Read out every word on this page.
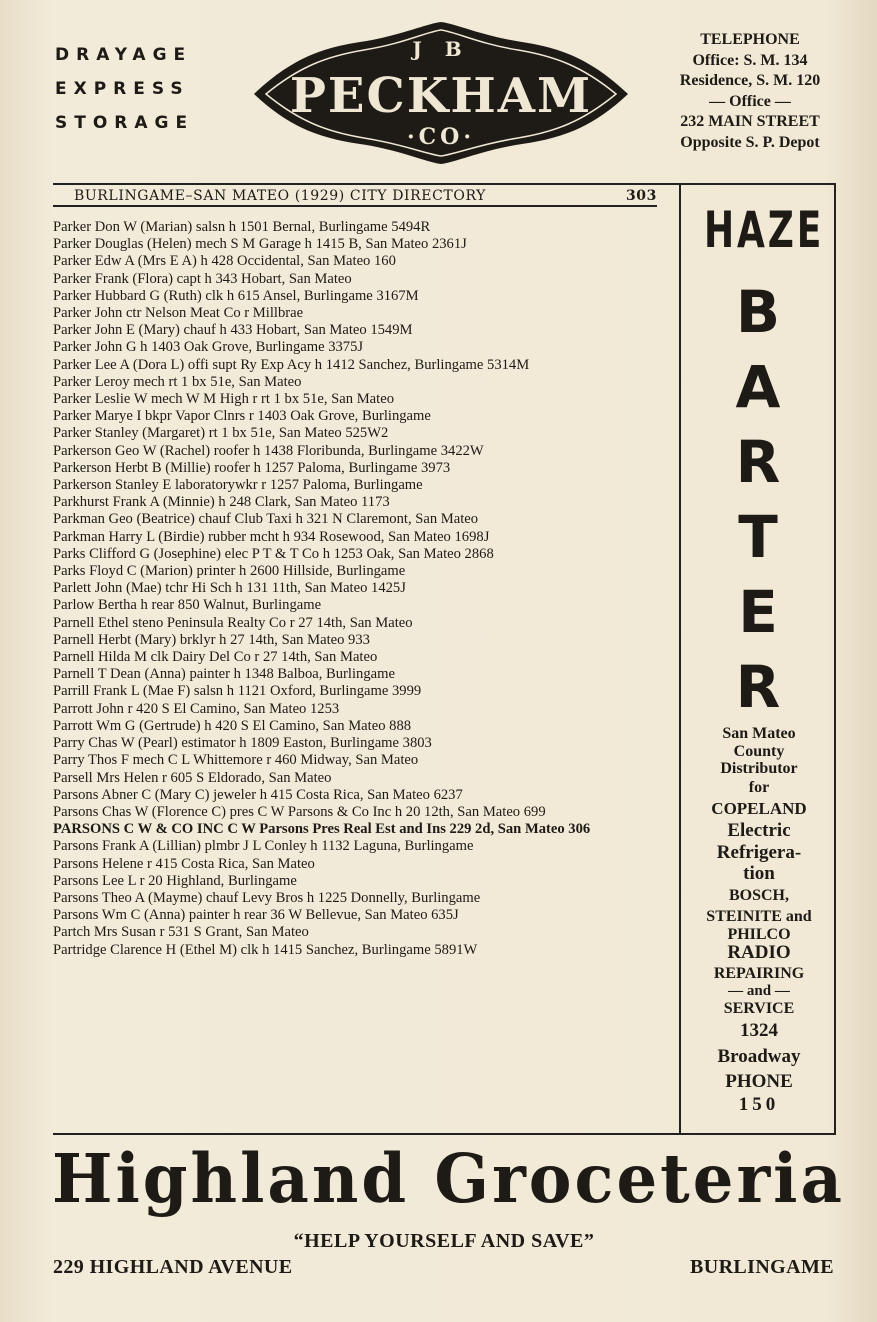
DRAYAGE
EXPRESS
STORAGE
J B
PECKHAM
·CO·
TELEPHONE
Office: S. M. 134
Residence, S. M. 120
— Office —
232 MAIN STREET
Opposite S. P. Depot
BURLINGAME–SAN MATEO (1929) CITY DIRECTORY	303
Parker Don W (Marian) salsn h 1501 Bernal, Burlingame 5494R
Parker Douglas (Helen) mech S M Garage h 1415 B, San Mateo 2361J
Parker Edw A (Mrs E A) h 428 Occidental, San Mateo 160
Parker Frank (Flora) capt h 343 Hobart, San Mateo
Parker Hubbard G (Ruth) clk h 615 Ansel, Burlingame 3167M
Parker John ctr Nelson Meat Co r Millbrae
Parker John E (Mary) chauf h 433 Hobart, San Mateo 1549M
Parker John G h 1403 Oak Grove, Burlingame 3375J
Parker Lee A (Dora L) offi supt Ry Exp Acy h 1412 Sanchez, Burlingame 5314M
Parker Leroy mech rt 1 bx 51e, San Mateo
Parker Leslie W mech W M High r rt 1 bx 51e, San Mateo
Parker Marye I bkpr Vapor Clnrs r 1403 Oak Grove, Burlingame
Parker Stanley (Margaret) rt 1 bx 51e, San Mateo 525W2
Parkerson Geo W (Rachel) roofer h 1438 Floribunda, Burlingame 3422W
Parkerson Herbt B (Millie) roofer h 1257 Paloma, Burlingame 3973
Parkerson Stanley E laboratorywkr r 1257 Paloma, Burlingame
Parkhurst Frank A (Minnie) h 248 Clark, San Mateo 1173
Parkman Geo (Beatrice) chauf Club Taxi h 321 N Claremont, San Mateo
Parkman Harry L (Birdie) rubber mcht h 934 Rosewood, San Mateo 1698J
Parks Clifford G (Josephine) elec P T & T Co h 1253 Oak, San Mateo 2868
Parks Floyd C (Marion) printer h 2600 Hillside, Burlingame
Parlett John (Mae) tchr Hi Sch h 131 11th, San Mateo 1425J
Parlow Bertha h rear 850 Walnut, Burlingame
Parnell Ethel steno Peninsula Realty Co r 27 14th, San Mateo
Parnell Herbt (Mary) brklyr h 27 14th, San Mateo 933
Parnell Hilda M clk Dairy Del Co r 27 14th, San Mateo
Parnell T Dean (Anna) painter h 1348 Balboa, Burlingame
Parrill Frank L (Mae F) salsn h 1121 Oxford, Burlingame 3999
Parrott John r 420 S El Camino, San Mateo 1253
Parrott Wm G (Gertrude) h 420 S El Camino, San Mateo 888
Parry Chas W (Pearl) estimator h 1809 Easton, Burlingame 3803
Parry Thos F mech C L Whittemore r 460 Midway, San Mateo
Parsell Mrs Helen r 605 S Eldorado, San Mateo
Parsons Abner C (Mary C) jeweler h 415 Costa Rica, San Mateo 6237
Parsons Chas W (Florence C) pres C W Parsons & Co Inc h 20 12th, San Mateo 699
PARSONS C W & CO INC C W Parsons Pres Real Est and Ins 229 2d, San Mateo 306
Parsons Frank A (Lillian) plmbr J L Conley h 1132 Laguna, Burlingame
Parsons Helene r 415 Costa Rica, San Mateo
Parsons Lee L r 20 Highland, Burlingame
Parsons Theo A (Mayme) chauf Levy Bros h 1225 Donnelly, Burlingame
Parsons Wm C (Anna) painter h rear 36 W Bellevue, San Mateo 635J
Partch Mrs Susan r 531 S Grant, San Mateo
Partridge Clarence H (Ethel M) clk h 1415 Sanchez, Burlingame 5891W
HAZE
B
A
R
T
E
R
San Mateo
County
Distributor
for
COPELAND
Electric
Refrigera-
tion
BOSCH,
STEINITE and
PHILCO
RADIO
REPAIRING
— and —
SERVICE
1324
Broadway
PHONE
150
Highland Groceteria
“HELP YOURSELF AND SAVE”
229 HIGHLAND AVENUE	BURLINGAME
